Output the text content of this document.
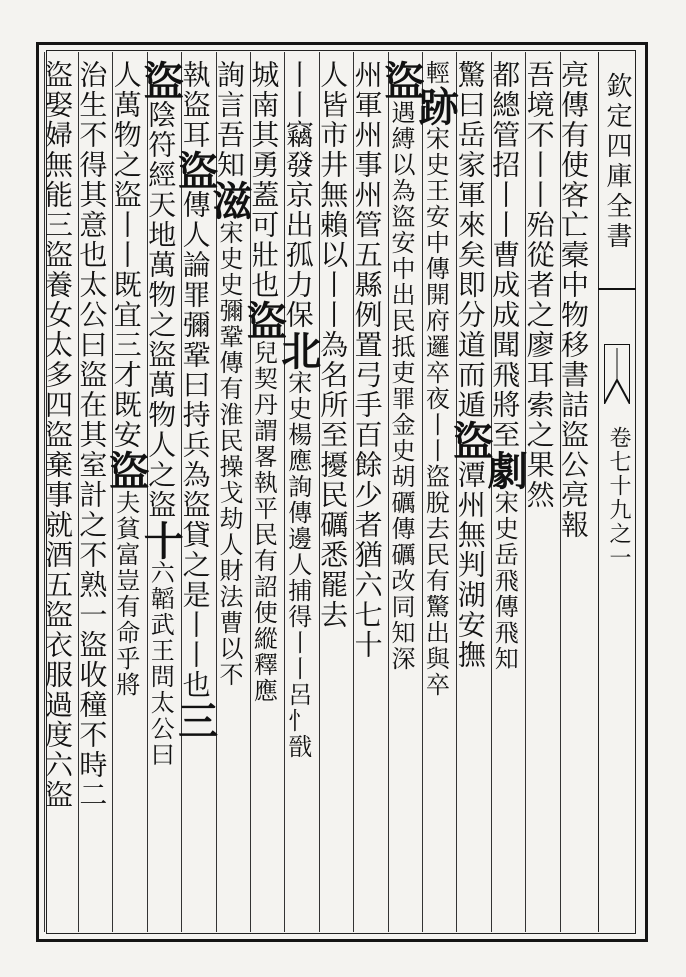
欽定四庫全書
卷七十九之一
亮傳有使客亡槖中物移書詰盜公亮報
吾境不丨丨殆從者之廖耳索之果然
都總管招丨丨曹成成聞飛將至劇宋史岳飛傳飛知
驚曰岳家軍來矣即分道而遁盜潭州無判湖安撫
輕跡宋史王安中傳開府邏卒夜丨丨盜脫去民有驚出與卒
盜遇縛以為盜安中出民抵吏罪金史胡礪傳礪改同知深
州軍州事州管五縣例置弓手百餘少者猶六七十
人皆市井無賴以丨丨為名所至擾民礪悉罷去
丨丨竊發京出孤力保北宋史楊應詢傳邊人捕得丨丨呂忄戩
城南其勇蓋可壯也盜兒契丹謂畧執平民有詔使縱釋應
詢言吾知滋宋史史彌鞏傳有淮民操戈劫人財法曹以不
執盜耳盜傳人論罪彌鞏曰持兵為盜貸之是丨丨也三
盜陰符經天地萬物之盜萬物人之盜十六韜武王問太公曰
人萬物之盜丨丨既宜三才既安盜夫貧富豈有命乎將
治生不得其意也太公曰盜在其室計之不熟一盜收穜不時二
盜娶婦無能三盜養女太多四盜棄事就酒五盜衣服過度六盜
